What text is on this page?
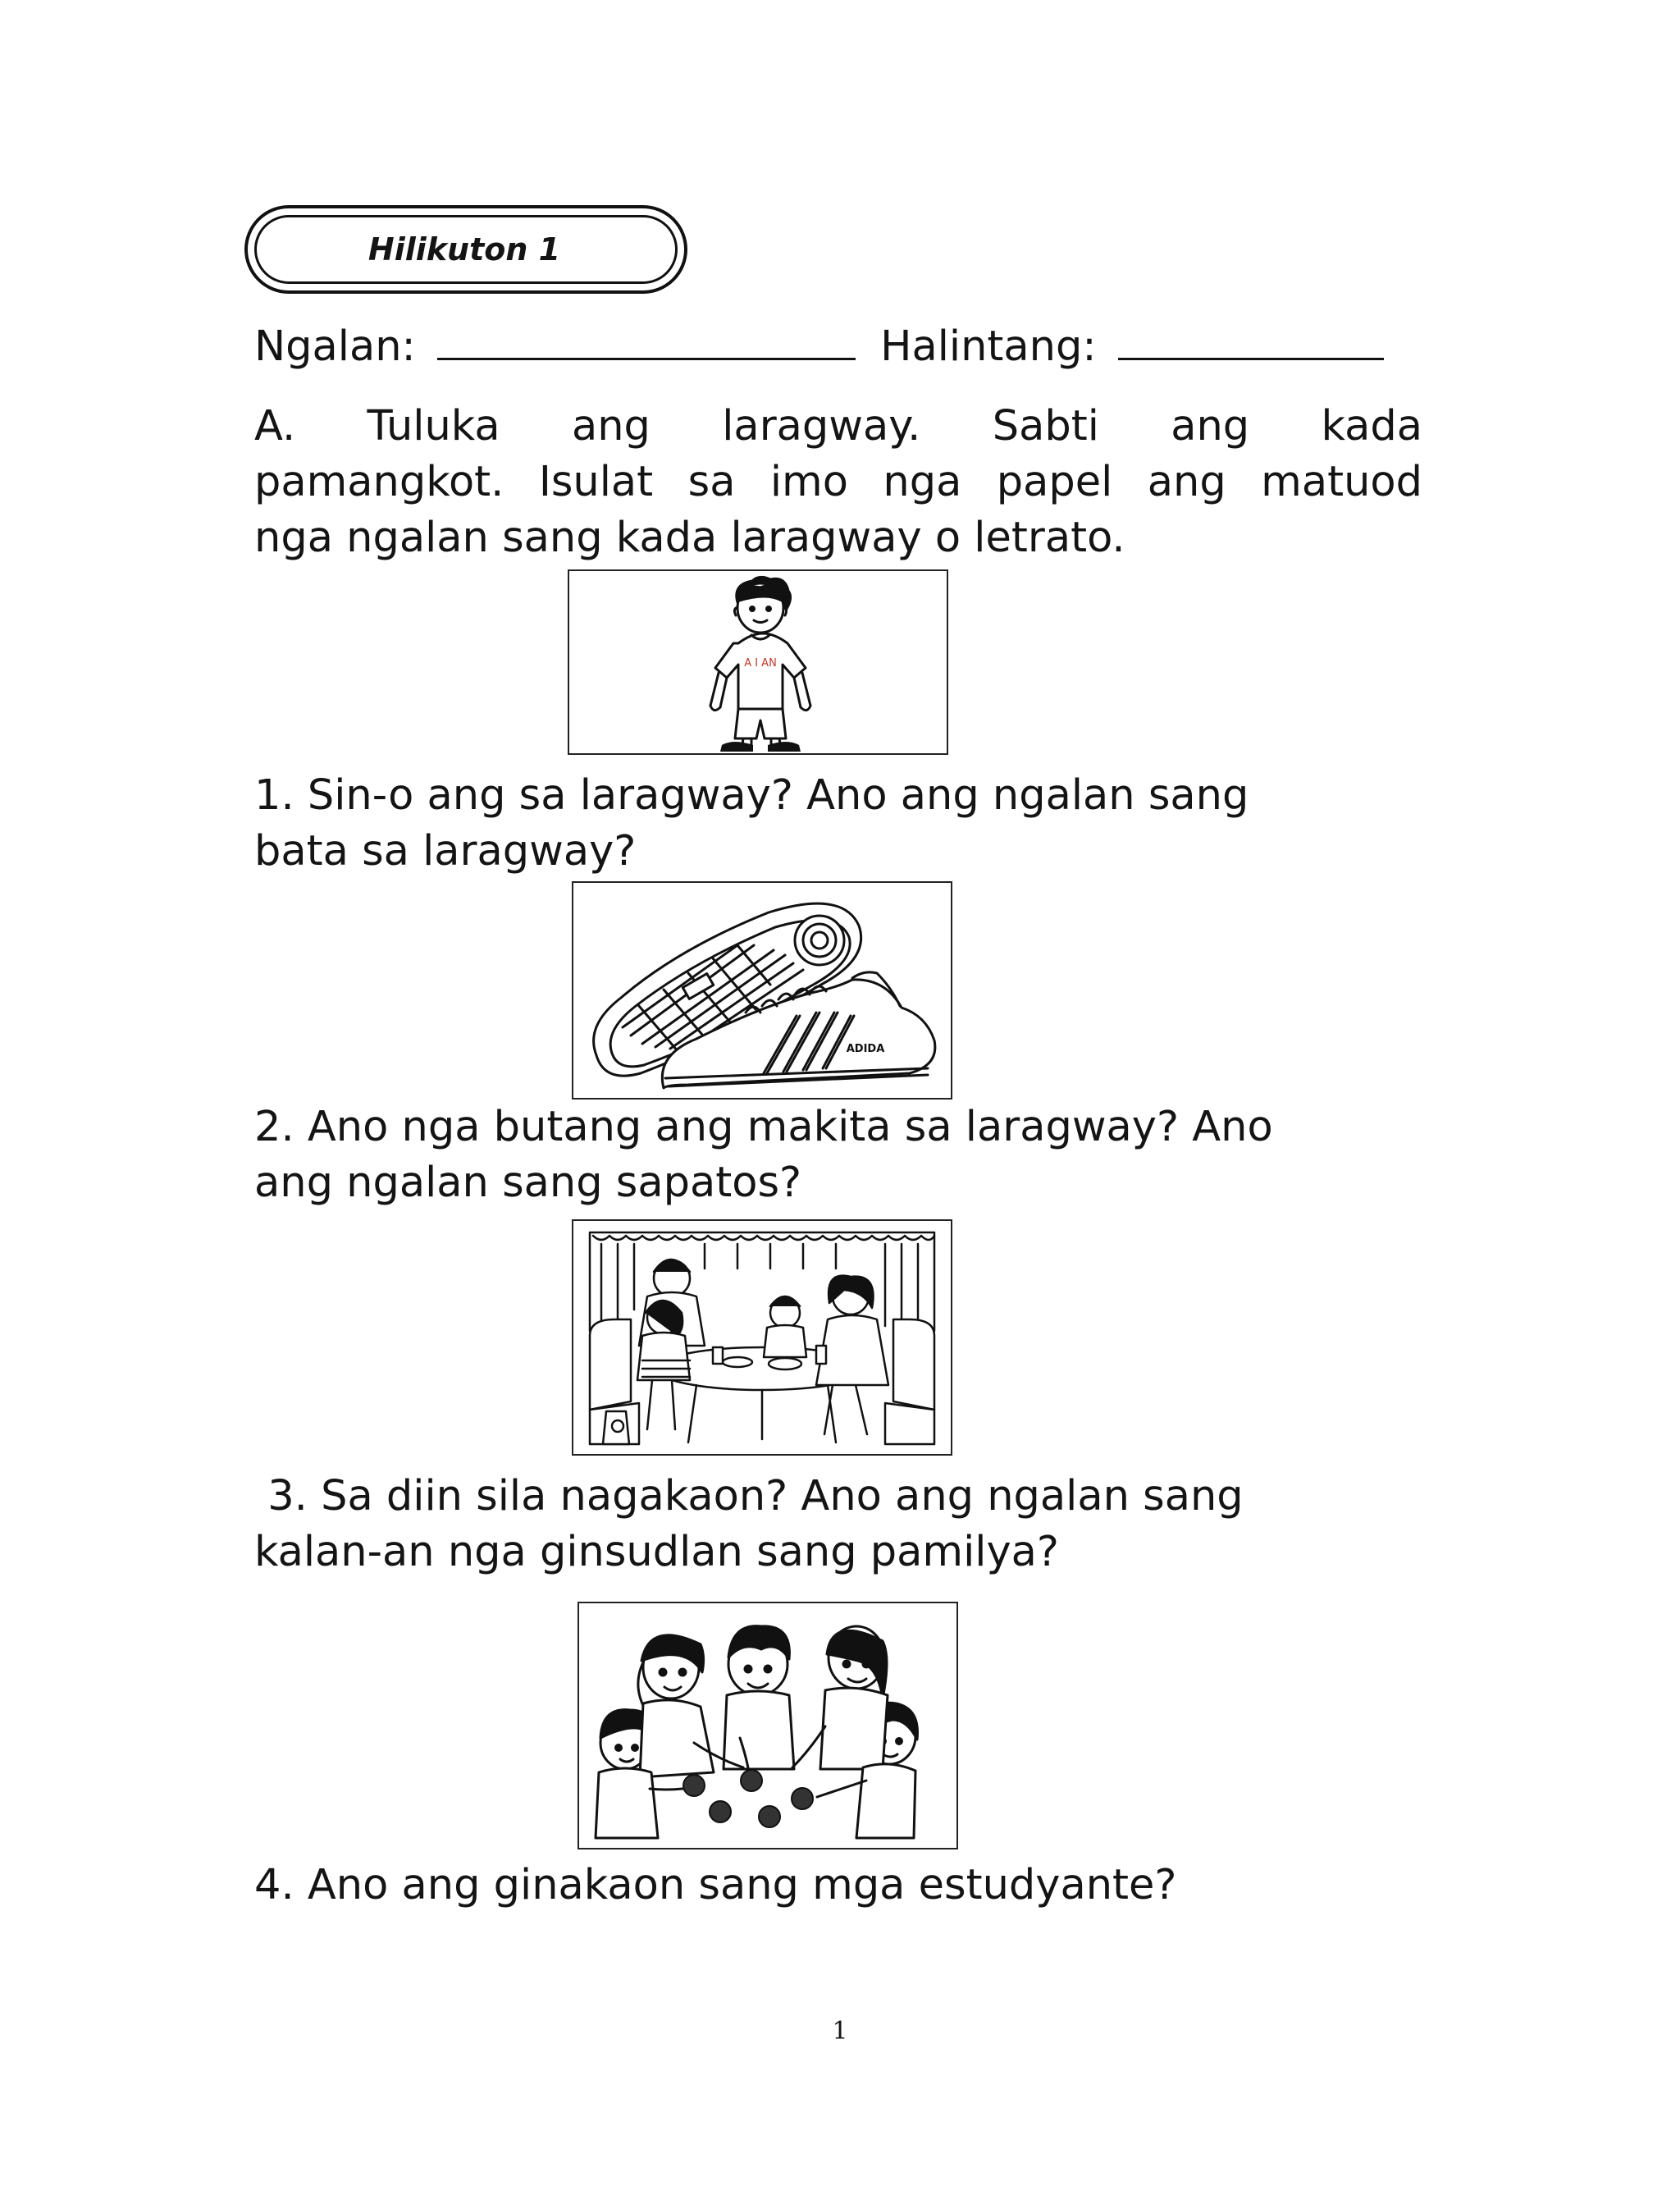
Hilikuton 1
Ngalan:	Halintang:
A. Tuluka ang laragway. Sabti ang kada
pamangkot. Isulat sa imo nga papel ang matuod
nga ngalan sang kada laragway o letrato.
A I AN
1. Sin-o ang sa laragway? Ano ang ngalan sang
bata sa laragway?
ADIDA
2. Ano nga butang ang makita sa laragway? Ano
ang ngalan sang sapatos?
3. Sa diin sila nagakaon? Ano ang ngalan sang
kalan-an nga ginsudlan sang pamilya?
4. Ano ang ginakaon sang mga estudyante?
1
